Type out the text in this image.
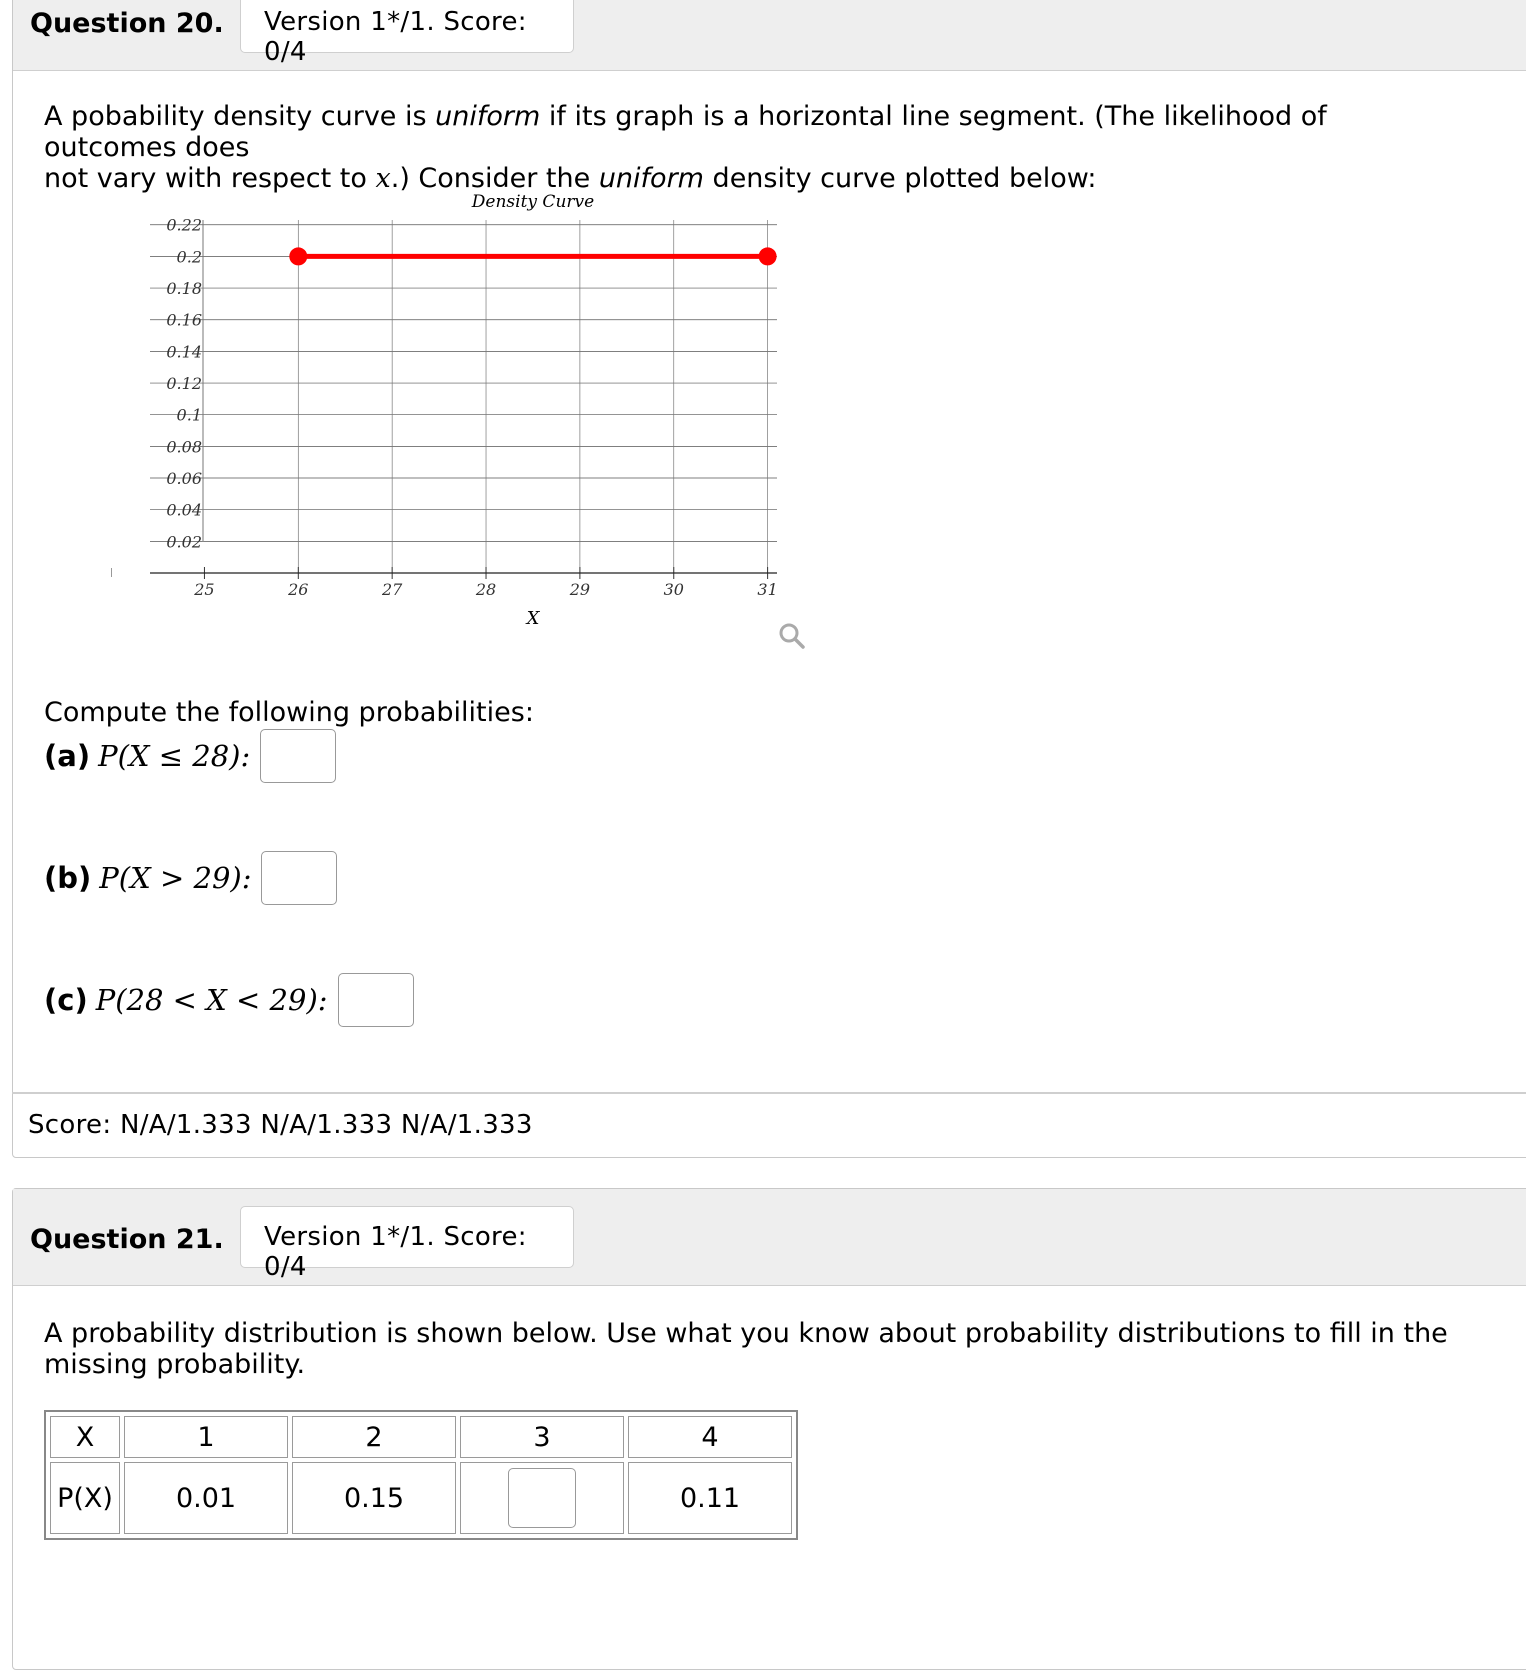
Question 20. Version 1*/1. Score: 0/4
A pobability density curve is uniform if its graph is a horizontal line segment. (The likelihood of outcomes does
not vary with respect to x.) Consider the uniform density curve plotted below:
Density Curve
0.22
0.2
0.18
0.16
0.14
0.12
0.1
0.08
0.06
0.04
0.02
25	26	27	28	29	30	31
X
Compute the following probabilities:
(a) P(X ≤ 28):
(b) P(X > 29):
(c) P(28 < X < 29):
Score: N/A/1.333 N/A/1.333 N/A/1.333
Question 21. Version 1*/1. Score: 0/4
A probability distribution is shown below. Use what you know about probability distributions to fill in the
missing probability.
X	1	2	3	4
P(X)	0.01	0.15		0.11
